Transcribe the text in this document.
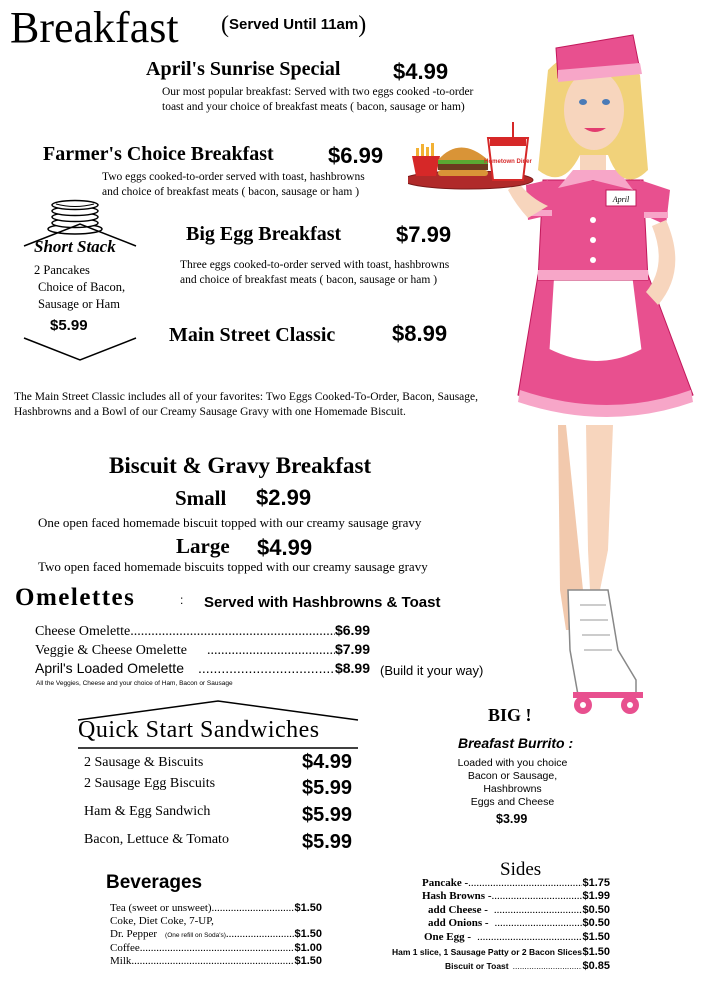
Breakfast (Served Until 11am)
April's Sunrise Special $4.99
Our most popular breakfast: Served with two eggs cooked -to-order
toast and your choice of breakfast meats ( bacon, sausage or ham)
Farmer's Choice Breakfast $6.99
Two eggs cooked-to-order served with toast, hashbrowns
and choice of breakfast meats ( bacon, sausage or ham )
Big Egg Breakfast $7.99
Three eggs cooked-to-order served with toast, hashbrowns
and choice of breakfast meats ( bacon, sausage or ham )
Main Street Classic	$8.99
The Main Street Classic includes all of your favorites: Two Eggs Cooked-To-Order, Bacon, Sausage,
Hashbrowns and a Bowl of our Creamy Sausage Gravy with one Homemade Biscuit.
Short Stack
2 Pancakes
Choice of Bacon,
Sausage or Ham
$5.99
Biscuit & Gravy Breakfast
Small $2.99
One open faced homemade biscuit topped with our creamy sausage gravy
Large $4.99
Two open faced homemade biscuits topped with our creamy sausage gravy
Omelettes	: Served with Hashbrowns & Toast
Cheese Omelette .....	$6.99
Veggie & Cheese Omelette .....	$7.99
April's Loaded Omelette .....	$8.99 (Build it your way)
All the Veggies, Cheese and your choice of Ham, Bacon or Sausage
Quick Start Sandwiches
2 Sausage & Biscuits	$4.99
2 Sausage Egg Biscuits	$5.99
Ham & Egg Sandwich	$5.99
Bacon, Lettuce & Tomato	$5.99
BIG !
Breafast Burrito :
Loaded with you choice
Bacon or Sausage,
Hashbrowns
Eggs and Cheese
$3.99
Beverages
Tea (sweet or unsweet) .....	$1.50
Coke, Diet Coke, 7-UP,
Dr. Pepper (One refill on Soda's) .....	$1.50
Coffee .....	$1.00
Milk .....	$1.50
Sides
Pancake - .....	$1.75
Hash Browns - .....	$1.99
add Cheese - .....	$0.50
add Onions - .....	$0.50
One Egg - .....	$1.50
Ham 1 slice, 1 Sausage Patty or 2 Bacon Slices $1.50
Biscuit or Toast .....	$0.85
April
Hometown Diner
